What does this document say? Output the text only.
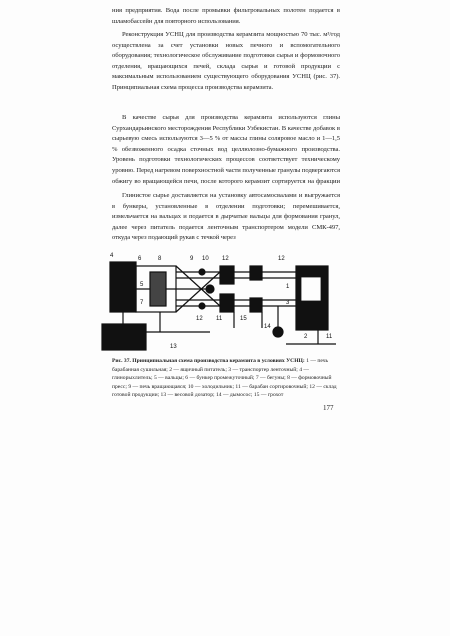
ния предприятия. Вода после промывки фильтровальных полотен подается в шламобассейн для повторного использования.

Реконструкция УСНЦ для производства керамзита мощностью 70 тыс. м³/год осуществлена за счет установки новых печного и вспомогательного оборудования; технологическое обслуживание подготовки сырья и формовочного отделения, вращающихся печей, склада сырья и готовой продукции с максимальным использованием существующего оборудования УСНЦ (рис. 37). Принципиальная схема процесса производства керамзита.

В качестве сырья для производства керамзита используются глины Сурхандарьинского месторождения Республики Узбекистан. В качестве добавок в сырьевую смесь используются 3—5 % от массы глины соляровое масло и 1—1,5 % обезвоженного осадка сточных вод целлюлозно-бумажного производства. Уровень подготовки технологических процессов соответствует техническому уровню. Перед нагревом поверхностной части полученные гранулы подвергаются обжигу во вращающейся печи, после которого керамзит сортируется на фракции

Глинистое сырье доставляется на установку автосамосвалами и выгружается в бункеры, установленные в отделении подготовки; перемешивается, измельчается на вальцах и подается в дырчатые вальцы для формования гранул, далее через питатель подается ленточным транспортером модели СМК-497, откуда через подающий рукав с течкой через

4	6	8	9 10 12
5
7
1
3
2	11
12
13
14
15
12 11

Рис. 37. Принципиальная схема производства керамзита в условиях УСНЦ: 1 — печь барабанная сушильная; 2 — ящичный питатель; 3 — транспортер ленточный; 4 — глинорыхлитель; 5 — вальцы; 6 — бункер промежуточный; 7 — бегуны; 8 — формовочный пресс; 9 — печь вращающаяся; 10 — холодильник; 11 — барабан сортировочный; 12 — склад готовой продукции; 13 — весовой дозатор; 14 — дымосос; 15 — грохот

177
